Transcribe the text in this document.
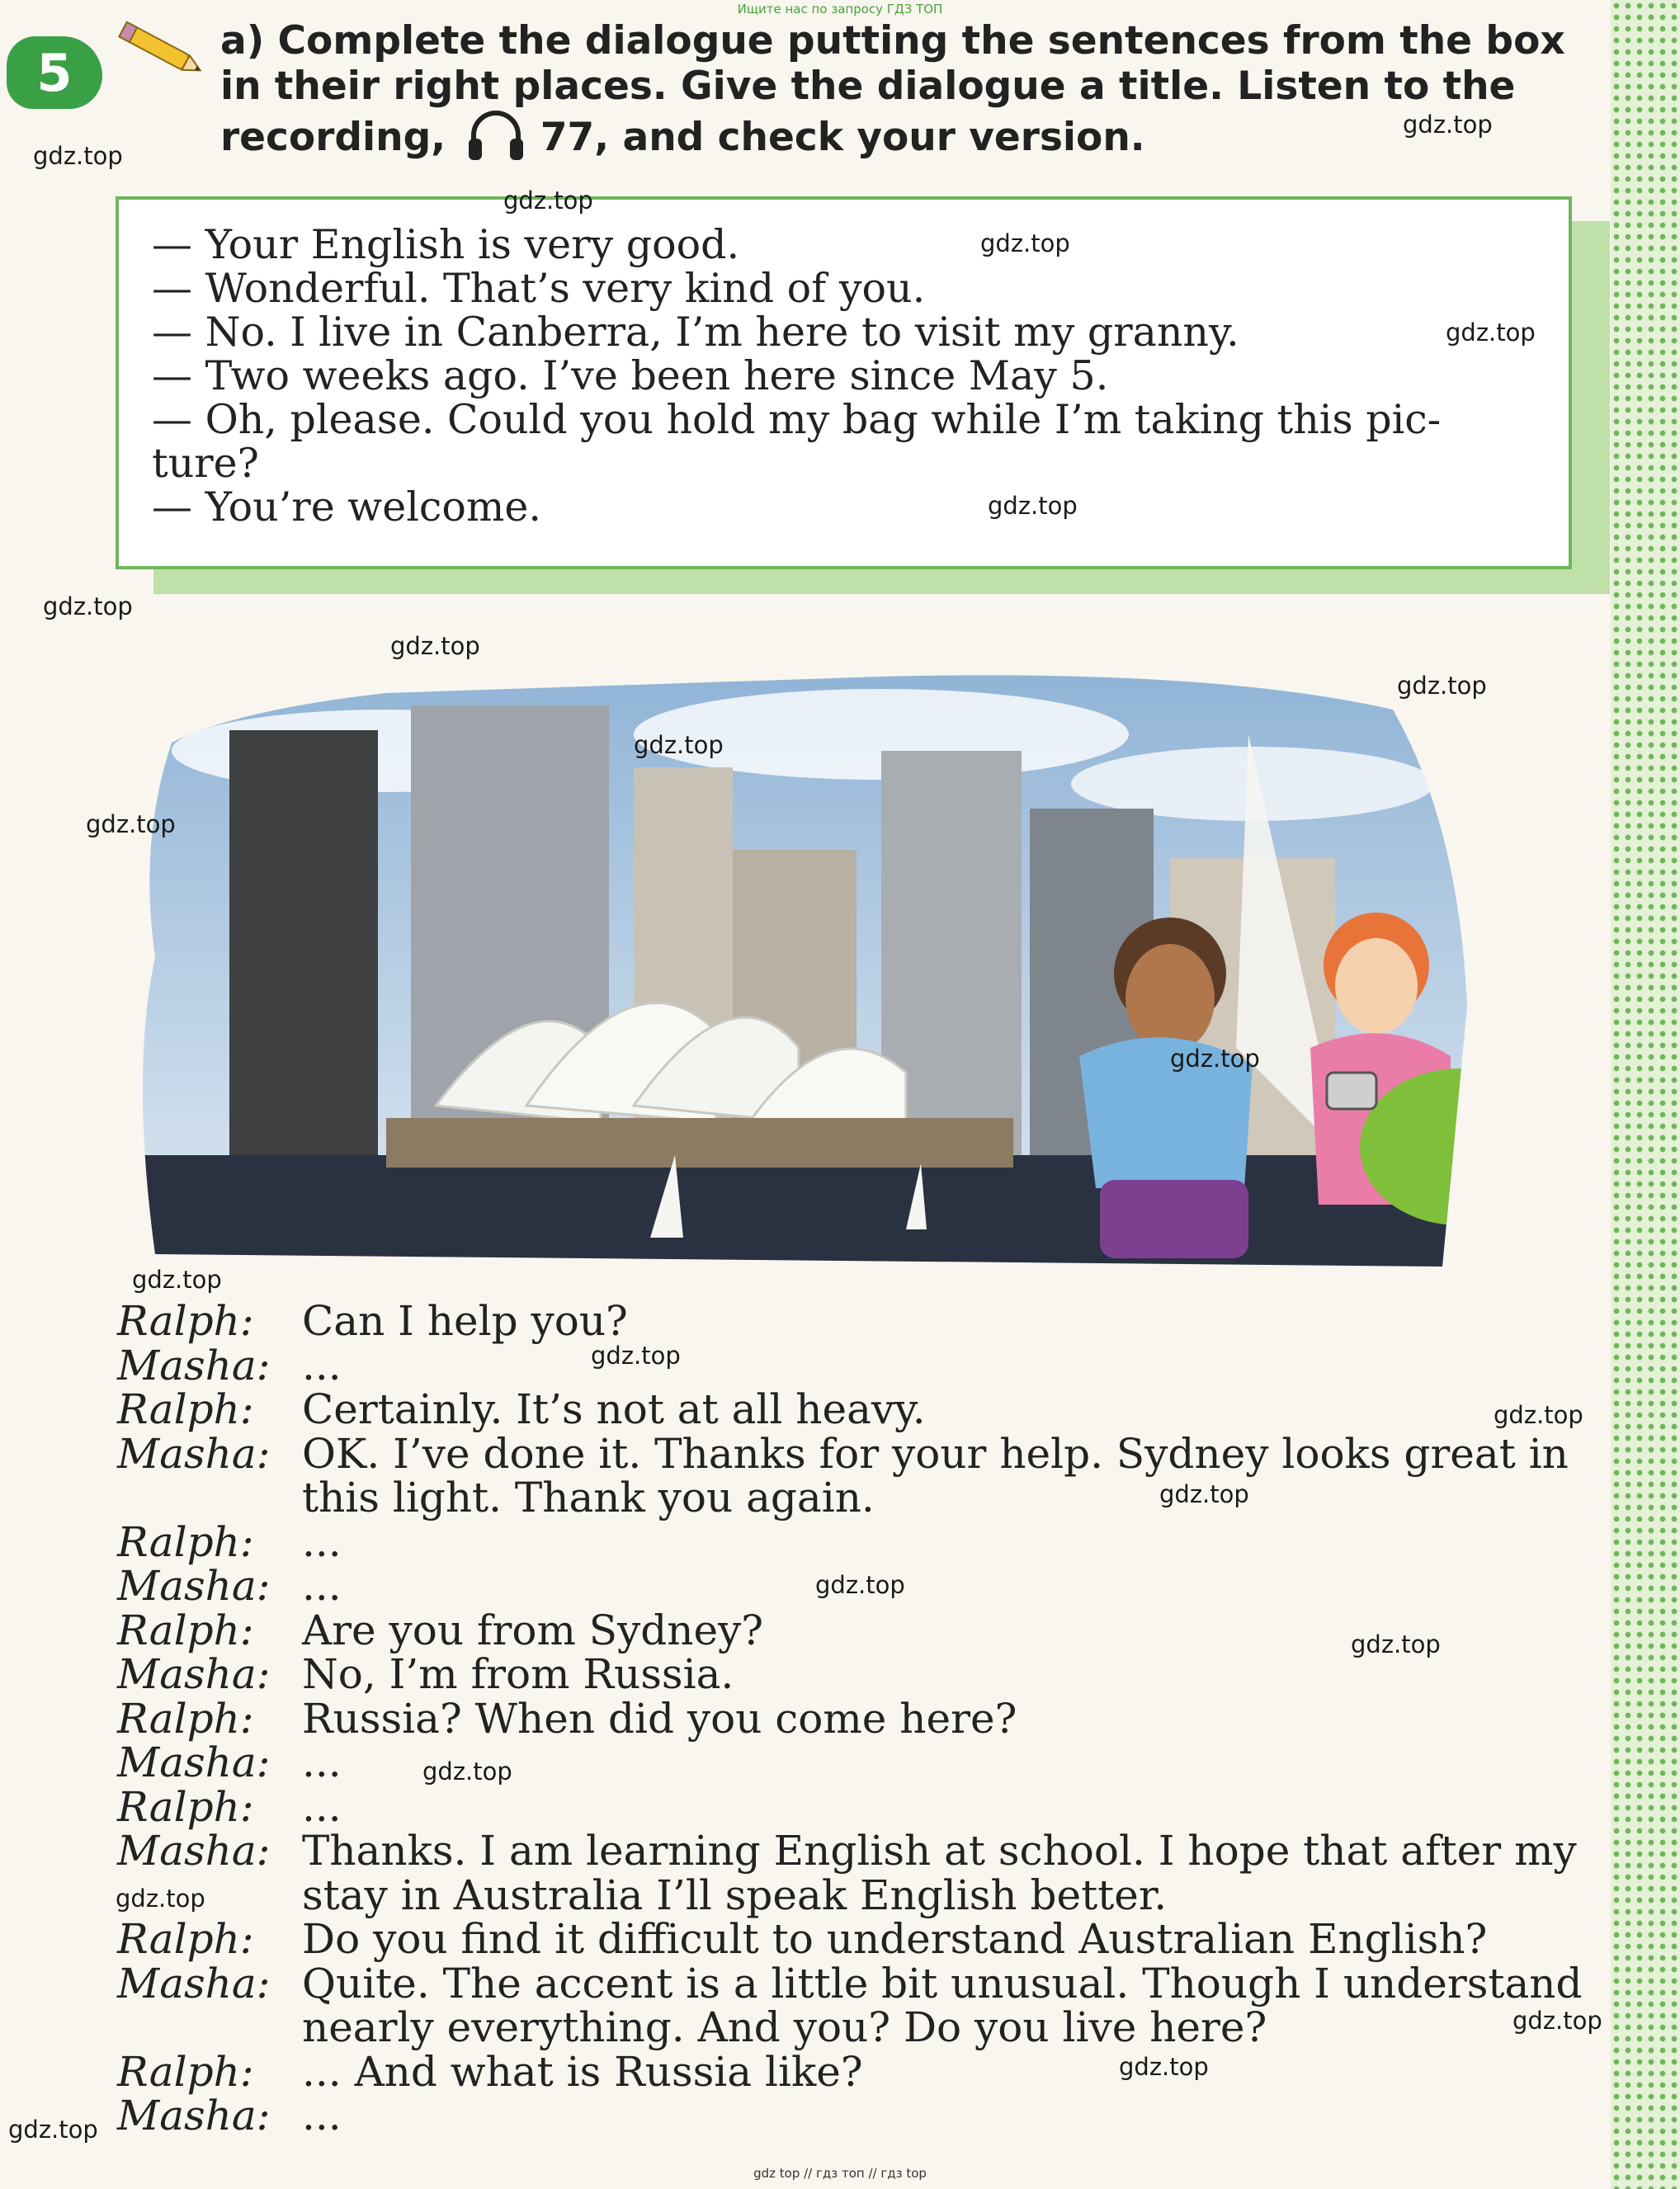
Ищите нас по запросу ГДЗ ТОП
5
a) Complete the dialogue putting the sentences from the box in their right places. Give the dialogue a title. Listen to the recording, 77, and check your version.
— Your English is very good.
— Wonderful. That’s very kind of you.
— No. I live in Canberra, I’m here to visit my granny.
— Two weeks ago. I’ve been here since May 5.
— Oh, please. Could you hold my bag while I’m taking this pic-
ture?
— You’re welcome.
Ralph:	Can I help you?
Masha: ...
Ralph:	Certainly. It’s not at all heavy.
Masha: OK. I’ve done it. Thanks for your help. Sydney looks great in this light. Thank you again.
Ralph:	...
Masha: ...
Ralph:	Are you from Sydney?
Masha: No, I’m from Russia.
Ralph:	Russia? When did you come here?
Masha: ...
Ralph:	...
Masha: Thanks. I am learning English at school. I hope that after my stay in Australia I’ll speak English better.
Ralph:	Do you find it difficult to understand Australian English?
Masha: Quite. The accent is a little bit unusual. Though I understand nearly everything. And you? Do you live here?
Ralph:	... And what is Russia like?
Masha: ...
gdz.top
gdz.top
gdz.top
gdz.top
gdz.top
gdz.top
gdz.top
gdz.top
gdz.top
gdz.top
gdz.top
gdz.top
gdz.top
gdz.top
gdz.top
gdz.top
gdz.top
gdz.top
gdz.top
gdz.top
gdz.top
gdz.top
gdz.top
gdz top // гдз топ // гдз top
